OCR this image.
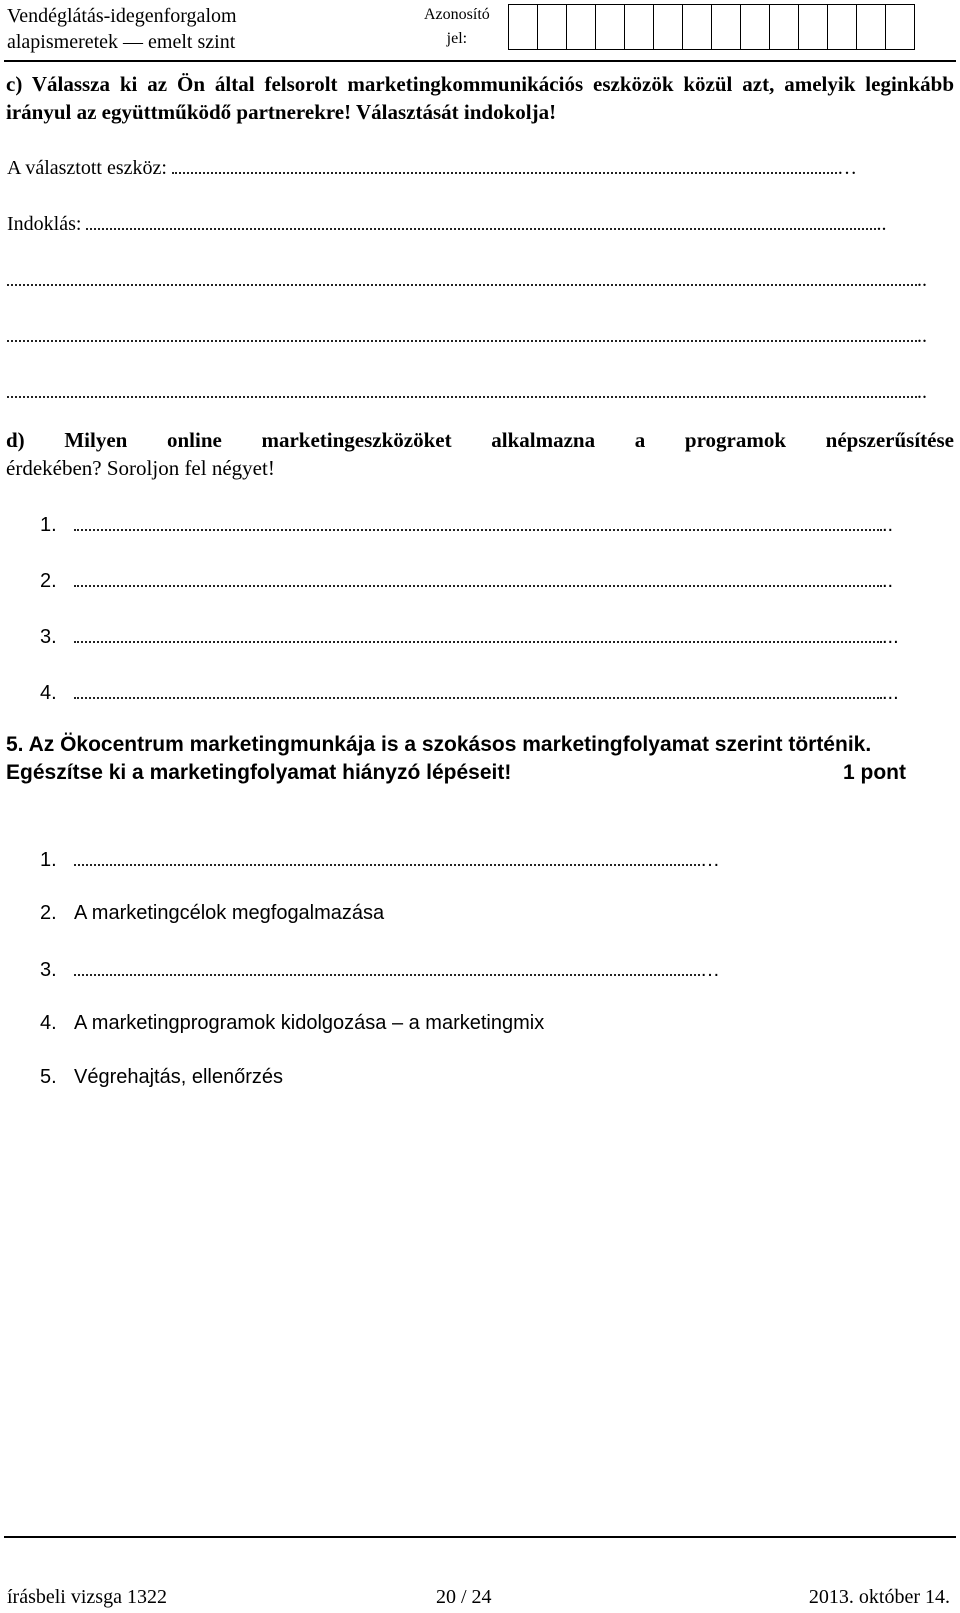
Vendéglátás-idegenforgalom
alapismeretek — emelt szint
Azonosító
jel:
c) Válassza ki az Ön által felsorolt marketingkommunikációs eszközök közül azt, amelyik leginkább irányul az együttműködő partnerekre! Választását indokolja!
A választott eszköz:	…
Indoklás:	..
..
..
..
d) Milyen online marketingeszközöket alkalmazna a programok népszerűsítése
érdekében? Soroljon fel négyet!
1.	..
2.	..
3.	...
4.	...
5. Az Ökocentrum marketingmunkája is a szokásos marketingfolyamat szerint történik.
Egészítse ki a marketingfolyamat hiányzó lépéseit!	1 pont
1.	…
2. A marketingcélok megfogalmazása
3.	…
4. A marketingprogramok kidolgozása – a marketingmix
5. Végrehajtás, ellenőrzés
írásbeli vizsga 1322	20 / 24	2013. október 14.
